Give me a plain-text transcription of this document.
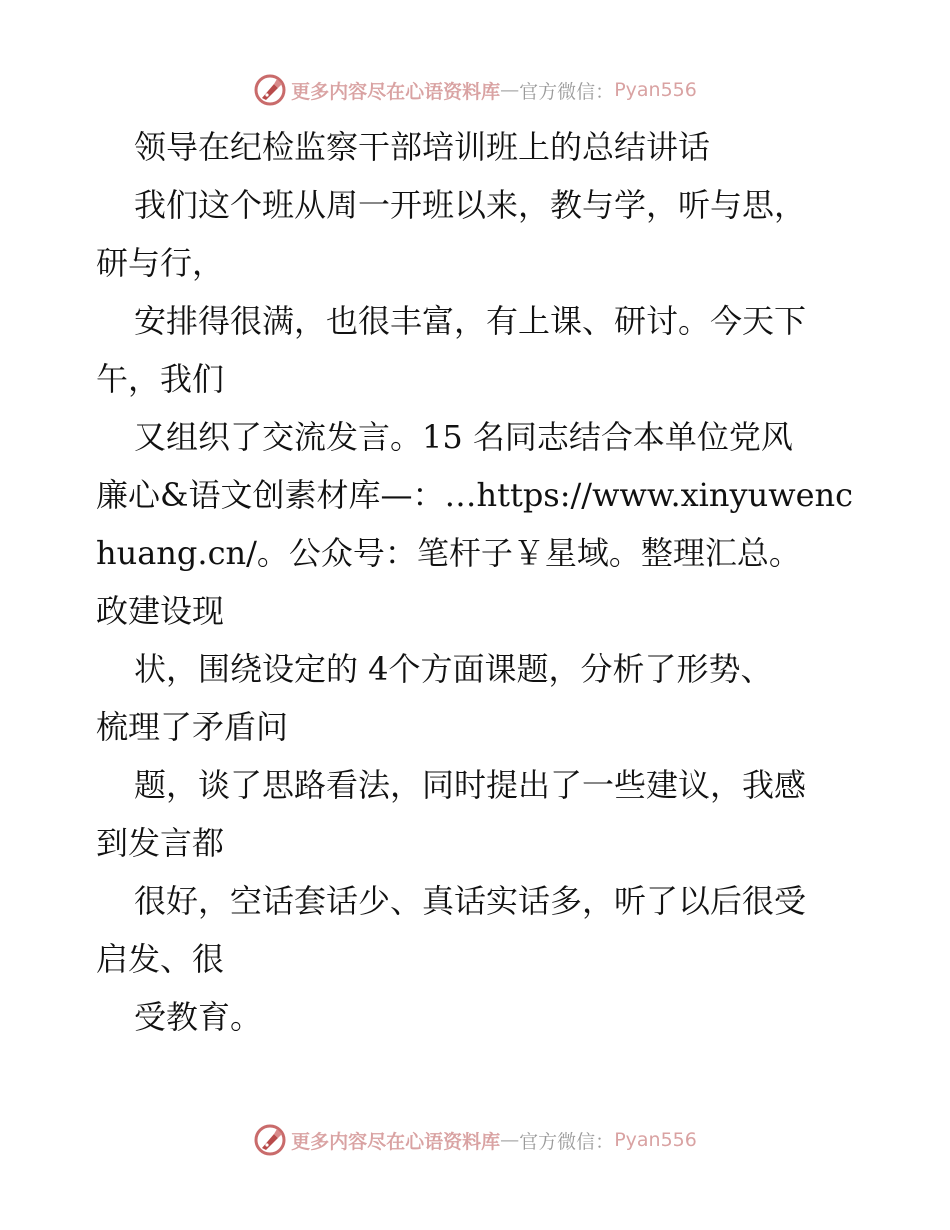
更多内容尽在心语资料库 — 官方微信： Pyan556
领导在纪检监察干部培训班上的总结讲话
我们这个班从周一开班以来，教与学，听与思，
研与行，
安排得很满，也很丰富，有上课、研讨。今天下
午，我们
又组织了交流发言。15 名同志结合本单位党风
廉心&语文创素材库—：…https://www.xinyuwenc
huang.cn/。公众号：笔杆子￥星域。整理汇总。
政建设现
状，围绕设定的 4个方面课题，分析了形势、
梳理了矛盾问
题，谈了思路看法，同时提出了一些建议，我感
到发言都
很好，空话套话少、真话实话多，听了以后很受
启发、很
受教育。
更多内容尽在心语资料库 — 官方微信： Pyan556
